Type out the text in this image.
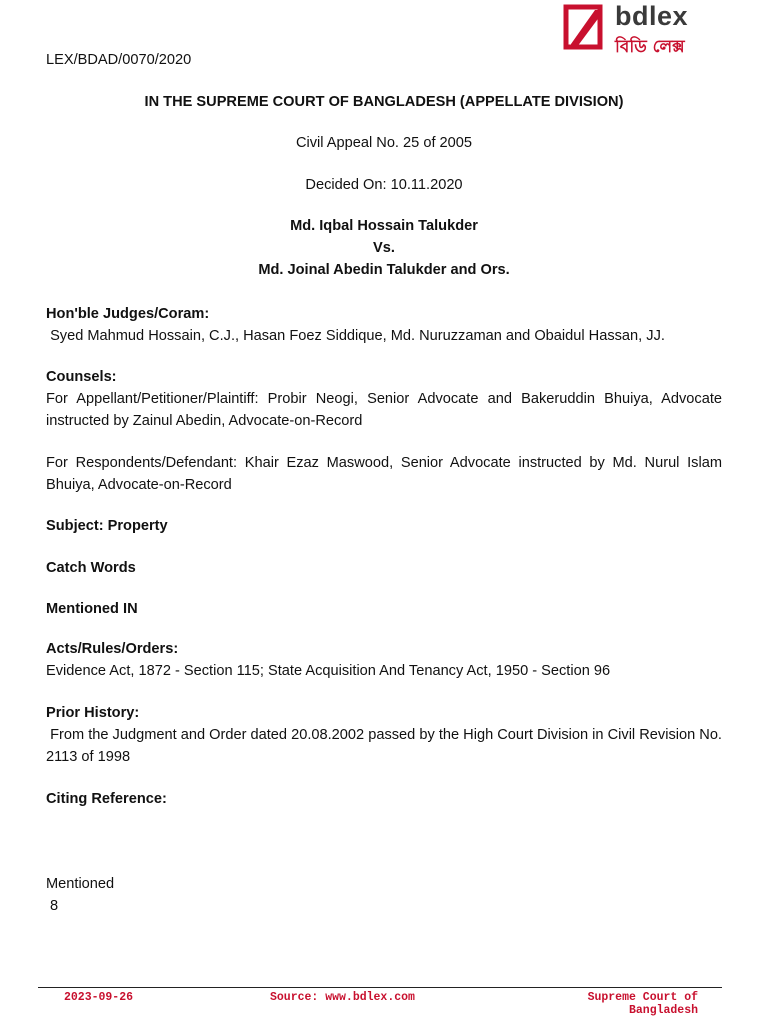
LEX/BDAD/0070/2020
bdlex
বিডি লেক্স
IN THE SUPREME COURT OF BANGLADESH (APPELLATE DIVISION)
Civil Appeal No. 25 of 2005
Decided On: 10.11.2020
Md. Iqbal Hossain Talukder
Vs.
Md. Joinal Abedin Talukder and Ors.
Hon'ble Judges/Coram:
Syed Mahmud Hossain, C.J., Hasan Foez Siddique, Md. Nuruzzaman and Obaidul Hassan, JJ.
Counsels:
For Appellant/Petitioner/Plaintiff: Probir Neogi, Senior Advocate and Bakeruddin Bhuiya, Advocate instructed by Zainul Abedin, Advocate-on-Record
For Respondents/Defendant: Khair Ezaz Maswood, Senior Advocate instructed by Md. Nurul Islam Bhuiya, Advocate-on-Record
Subject: Property
Catch Words
Mentioned IN
Acts/Rules/Orders:
Evidence Act, 1872 - Section 115; State Acquisition And Tenancy Act, 1950 - Section 96
Prior History:
From the Judgment and Order dated 20.08.2002 passed by the High Court Division in Civil Revision No. 2113 of 1998
Citing Reference:
Mentioned
8
2023-09-26	Source: www.bdlex.com	Supreme Court of
Bangladesh
